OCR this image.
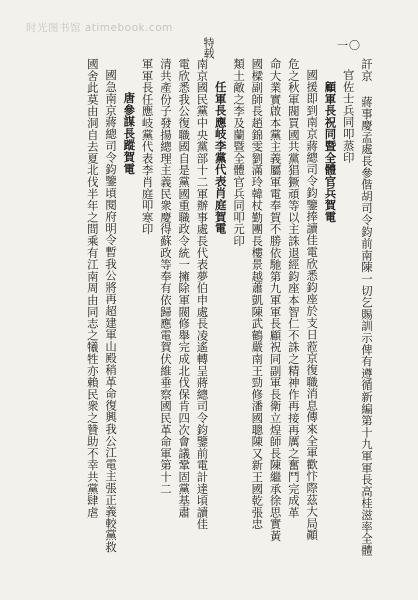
时光图书馆 atimebook.com
特载	一〇
訐京 蔣事慶孟處長參偕胡司令鈞前南陳一切乞賜訓示俾有遵循新編第十九軍軍長高桂滋率全體
官佐士兵同叩蒸印
顧軍長祝同暨全體官兵賀電
國援即到南京蔣總司令鈞鑒捧讀佳電欣悉鈞座於支日蒞京復職消息傳來全軍歡忭際茲大局顚
危之秋軍閥買國共黨猖獗頑等以主誅退經鈞座本智仁不誅之精神作再接再厲之奮鬥完成革
命大業實啟本黨主義屬軍電奉賀不勝依馳第九軍軍長顧祝同副軍長衛立煌師長陳繼承徐思實黃
國樑副師長趙錦雯劉滿玲韓杖勤團長樓景越蕭凱陳武鶴嚴南王勁修潘國聰陳又新王國乾張忠
類土敵之李及蘭暨全體官兵同叩元印
任軍長應岐李黨代表肖庭賀電
南京國民黨中央黨部十二軍辦事處長代表夢伯申處長凌遙轉呈蔣總司令鈞鑒前電計達頃讀佳
電欣悉我公復職國自是黨國重職政令統一擁除軍閥修舉完成北伐保肯四次會議鞏固黨基肅
清共產份子發揚總理主義民衆慶得蘇政等奉有依歸應電賀伏維垂察國民革命軍第十二
軍軍長任應岐黨代表李肖庭叩寒印
唐參謀長蹤賀電
國急南京蔣總司令鈞鑒頃閱府明令暫我公將再超建軍山殿稍革命復興我公江電主張正義較黨救
國舍此莫由洞自去夏北伐半年之間乘有江南周由同志之犧牲亦賴民衆之贊助不幸共黨肆虐
